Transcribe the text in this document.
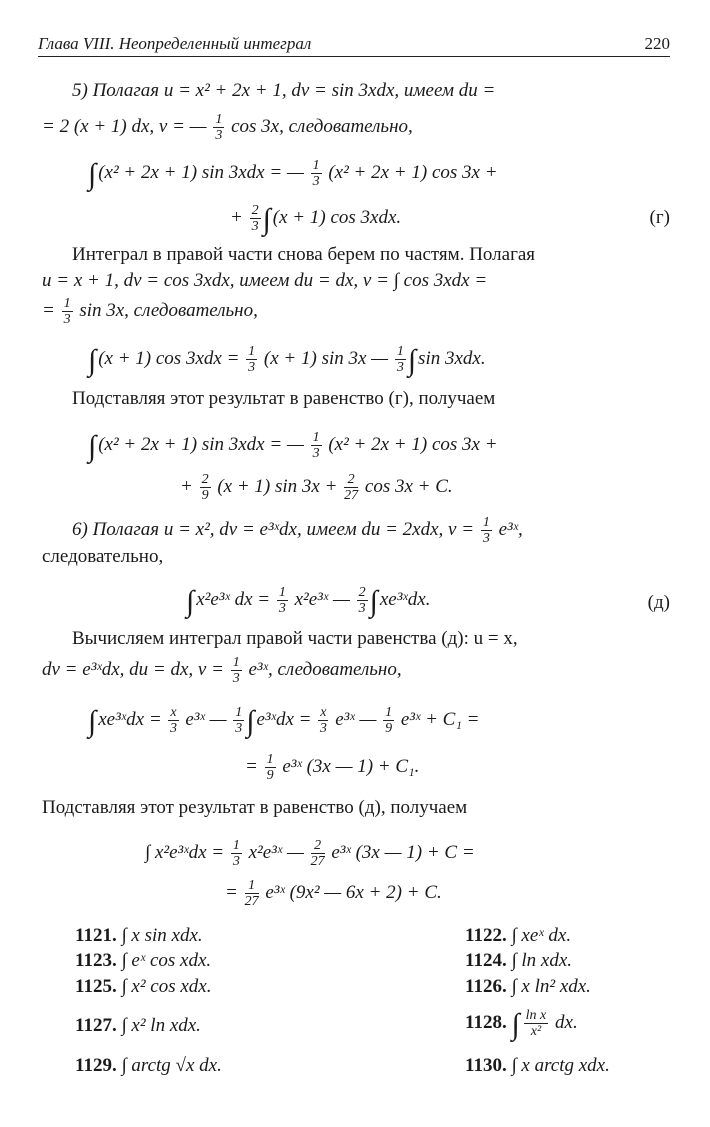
Глава VIII. Неопределенный интеграл	220
5) Полагая u = x² + 2x + 1, dv = sin 3xdx, имеем du =
= 2 (x + 1) dx, v = — $\frac{1}{3}$ cos 3x, следовательно,
∫ (x² + 2x + 1) sin 3xdx = — $\frac{1}{3} (x^2 + 2x + 1)$ cos 3x +
+ $\frac{2}{3}$ ∫ (x + 1) cos 3xdx.	(г)
Интеграл в правой части снова берем по частям. Полагая
u = x + 1, dv = cos 3xdx, имеем du = dx, v = ∫ cos 3xdx =
= $\frac{1}{3}$ sin 3x, следовательно,
∫ (x + 1) $\cos 3xdx = \frac{1}{3} (x + 1)$ sin 3x — $\frac{1}{3}$ ∫ sin 3xdx.
Подставляя этот результат в равенство (г), получаем
∫ (x² + 2x + 1) sin 3xdx = — $\frac{1}{3} (x^2 + 2x + 1)$ cos 3x +
+ $\frac{2}{9} (x + 1)$ $\sin 3x + \frac{2}{27}$ cos 3x + C.
6) Полагая u = x², dv = e³ˣdx, имеем du = 2xdx, $v = \frac{1}{3}$ e³ˣ,
следовательно,
∫ x²e³ˣ dx = $\frac{1}{3}$ x²e³ˣ — $\frac{2}{3}$ ∫ xe³ˣdx.	(д)
Вычисляем интеграл правой части равенства (д): u = x,
dv = e³ˣdx, du = dx, $v = \frac{1}{3}$ e³ˣ, следовательно,
∫ xe³ˣdx = $\frac{x}{3}$ e³ˣ — $\frac{1}{3}$ ∫ e³ˣdx = $\frac{x}{3}$ e³ˣ — $\frac{1}{9}$ e³ˣ + C₁ =
= $\frac{1}{9}$ e³ˣ (3x — 1) + C₁.
Подставляя этот результат в равенство (д), получаем
∫ x²e³ˣdx = $\frac{1}{3}$ x²e³ˣ — $\frac{2}{27}$ e³ˣ (3x — 1) + C =
= $\frac{1}{27}$ e³ˣ (9x² — 6x + 2) + C.
1121. ∫ x sin xdx.	1122. ∫ xeˣ dx.
1123. ∫ eˣ cos xdx.	1124. ∫ ln xdx.
1125. ∫ x² cos xdx.	1126. ∫ x ln² xdx.
1127. ∫ x² ln xdx.	1128. ∫ $\frac{\text{ln x}}{\text{x²}}$ dx.
1129. ∫ arctg √x dx.	1130. ∫ x arctg xdx.
